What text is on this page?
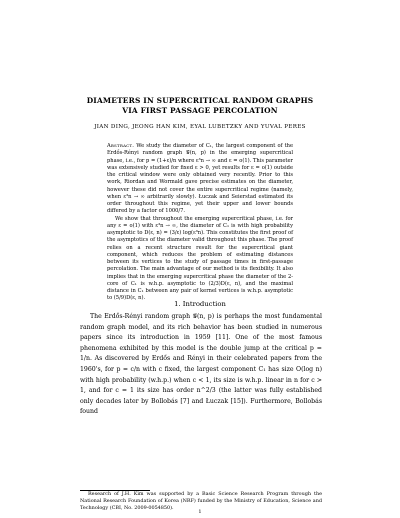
DIAMETERS IN SUPERCRITICAL RANDOM GRAPHS
VIA FIRST PASSAGE PERCOLATION
JIAN DING, JEONG HAN KIM, EYAL LUBETZKY AND YUVAL PERES

Abstract. We study the diameter of C₁, the largest component of the Erdős-Rényi random graph 𝒢(n, p) in the emerging supercritical phase, i.e., for p = (1+ε)/n where ε³n → ∞ and ε = o(1). This parameter was extensively studied for fixed ε > 0, yet results for ε = o(1) outside the critical window were only obtained very recently. Prior to this work, Riordan and Wormald gave precise estimates on the diameter, however these did not cover the entire supercritical regime (namely, when ε³n → ∞ arbitrarily slowly). Łuczak and Seierstad estimated its order throughout this regime, yet their upper and lower bounds differed by a factor of 1000/7.

We show that throughout the emerging supercritical phase, i.e. for any ε = o(1) with ε³n → ∞, the diameter of C₁ is with high probability asymptotic to D(ε, n) = (3/ε) log(ε³n). This constitutes the first proof of the asymptotics of the diameter valid throughout this phase. The proof relies on a recent structure result for the supercritical giant component, which reduces the problem of estimating distances between its vertices to the study of passage times in first-passage percolation. The main advantage of our method is its flexibility. It also implies that in the emerging supercritical phase the diameter of the 2-core of C₁ is w.h.p. asymptotic to (2/3)D(ε, n), and the maximal distance in C₁ between any pair of kernel vertices is w.h.p. asymptotic to (5/9)D(ε, n).

1. Introduction

The Erdős-Rényi random graph 𝒢(n, p) is perhaps the most fundamental random graph model, and its rich behavior has been studied in numerous papers since its introduction in 1959 [11]. One of the most famous phenomena exhibited by this model is the double jump at the critical p = 1/n. As discovered by Erdős and Rényi in their celebrated papers from the 1960's, for p = c/n with c fixed, the largest component C₁ has size O(log n) with high probability (w.h.p.) when c < 1, its size is w.h.p. linear in n for c > 1, and for c = 1 its size has order n^2/3 (the latter was fully established only decades later by Bollobás [7] and Łuczak [15]). Furthermore, Bollobás found

Research of J.H. Kim was supported by a Basic Science Research Program through the National Research Foundation of Korea (NRF) funded by the Ministry of Education, Science and Technology (CBI, No. 2009-0054850).

1
